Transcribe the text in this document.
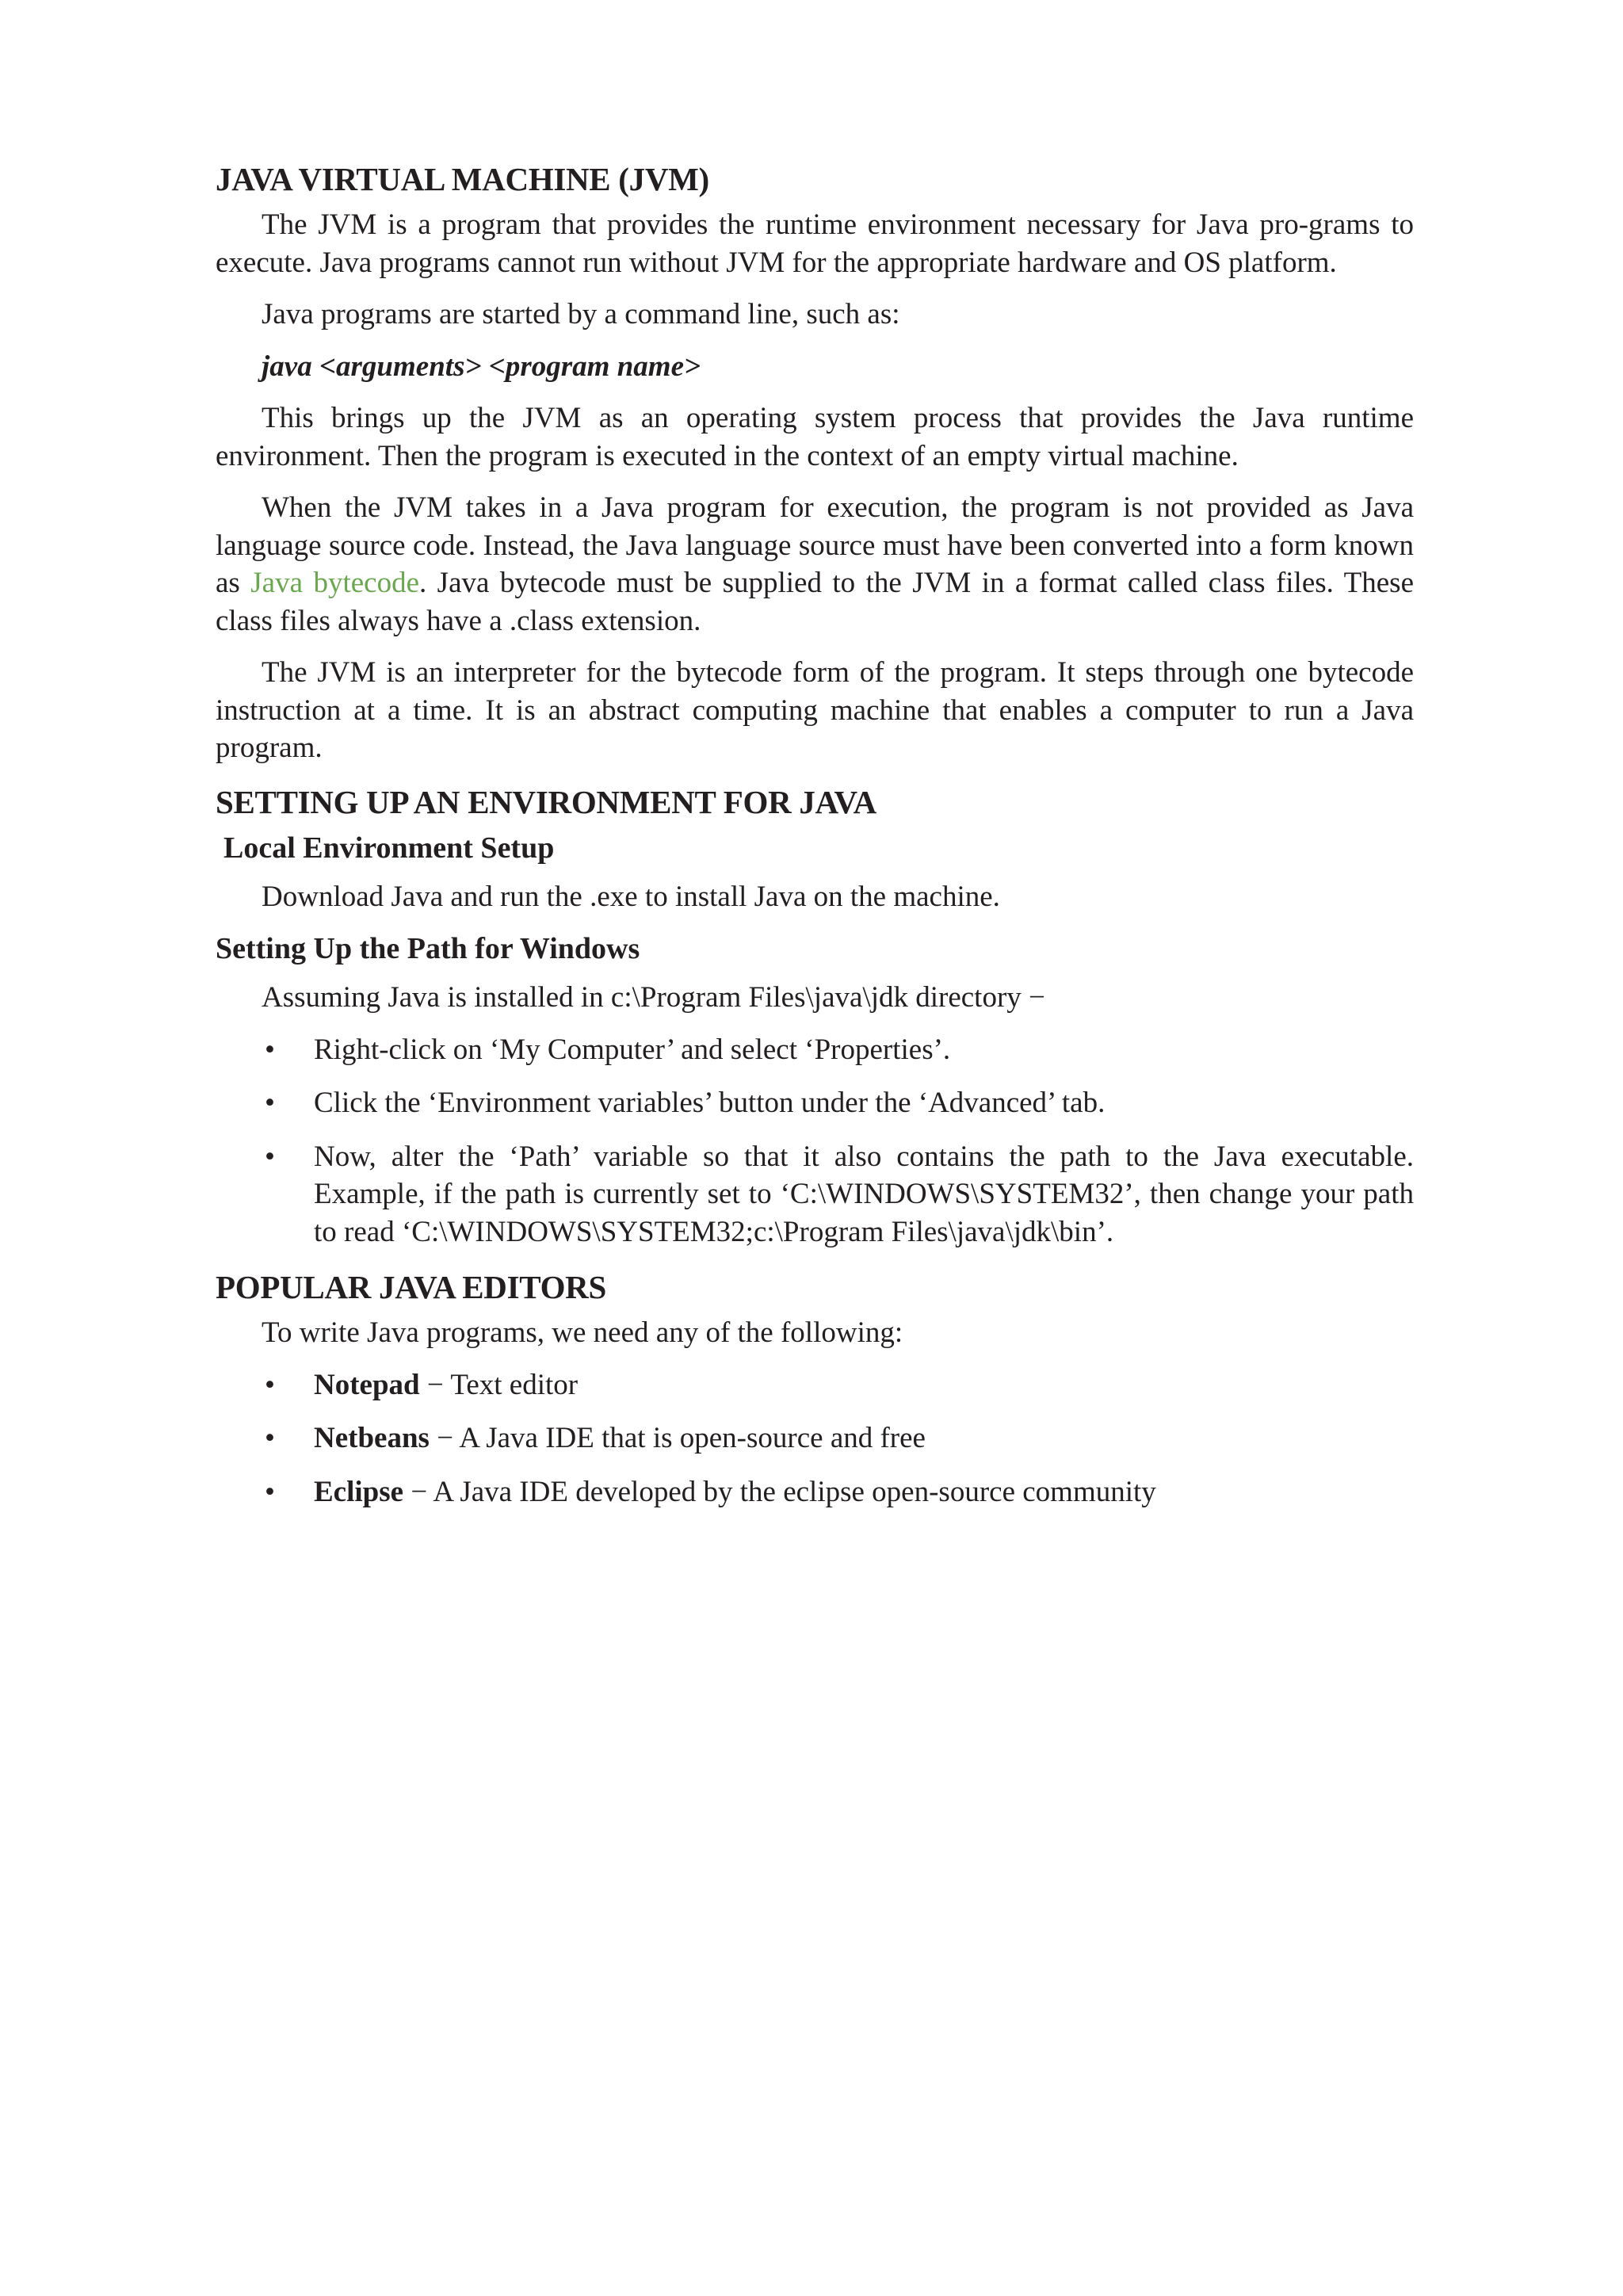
JAVA VIRTUAL MACHINE (JVM)

The JVM is a program that provides the runtime environment necessary for Java pro-grams to execute. Java programs cannot run without JVM for the appropriate hardware and OS platform.

Java programs are started by a command line, such as:

java <arguments> <program name>

This brings up the JVM as an operating system process that provides the Java runtime environment. Then the program is executed in the context of an empty virtual machine.

When the JVM takes in a Java program for execution, the program is not provided as Java language source code. Instead, the Java language source must have been converted into a form known as Java bytecode. Java bytecode must be supplied to the JVM in a format called class files. These class files always have a .class extension.

The JVM is an interpreter for the bytecode form of the program. It steps through one bytecode instruction at a time. It is an abstract computing machine that enables a computer to run a Java program.

SETTING UP AN ENVIRONMENT FOR JAVA
Local Environment Setup

Download Java and run the .exe to install Java on the machine.

Setting Up the Path for Windows

Assuming Java is installed in c:\Program Files\java\jdk directory −

• Right-click on ‘My Computer’ and select ‘Properties’.
• Click the ‘Environment variables’ button under the ‘Advanced’ tab.
• Now, alter the ‘Path’ variable so that it also contains the path to the Java executable. Example, if the path is currently set to ‘C:\WINDOWS\SYSTEM32’, then change your path to read ‘C:\WINDOWS\SYSTEM32;c:\Program Files\java\jdk\bin’.
POPULAR JAVA EDITORS

To write Java programs, we need any of the following:

• Notepad − Text editor
• Netbeans − A Java IDE that is open-source and free
• Eclipse − A Java IDE developed by the eclipse open-source community
